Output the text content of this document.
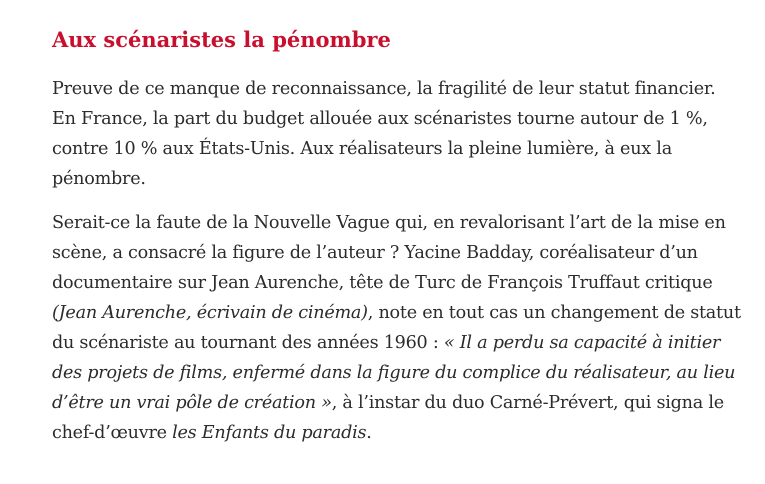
Aux scénaristes la pénombre

Preuve de ce manque de reconnaissance, la fragilité de leur statut financier. En France, la part du budget allouée aux scénaristes tourne autour de 1 %, contre 10 % aux États-Unis. Aux réalisateurs la pleine lumière, à eux la pénombre.

Serait-ce la faute de la Nouvelle Vague qui, en revalorisant l’art de la mise en scène, a consacré la figure de l’auteur ? Yacine Badday, coréalisateur d’un documentaire sur Jean Aurenche, tête de Turc de François Truffaut critique (Jean Aurenche, écrivain de cinéma), note en tout cas un changement de statut du scénariste au tournant des années 1960 : « Il a perdu sa capacité à initier des projets de films, enfermé dans la figure du complice du réalisateur, au lieu d’être un vrai pôle de création », à l’instar du duo Carné-Prévert, qui signa le chef-d’œuvre les Enfants du paradis.
